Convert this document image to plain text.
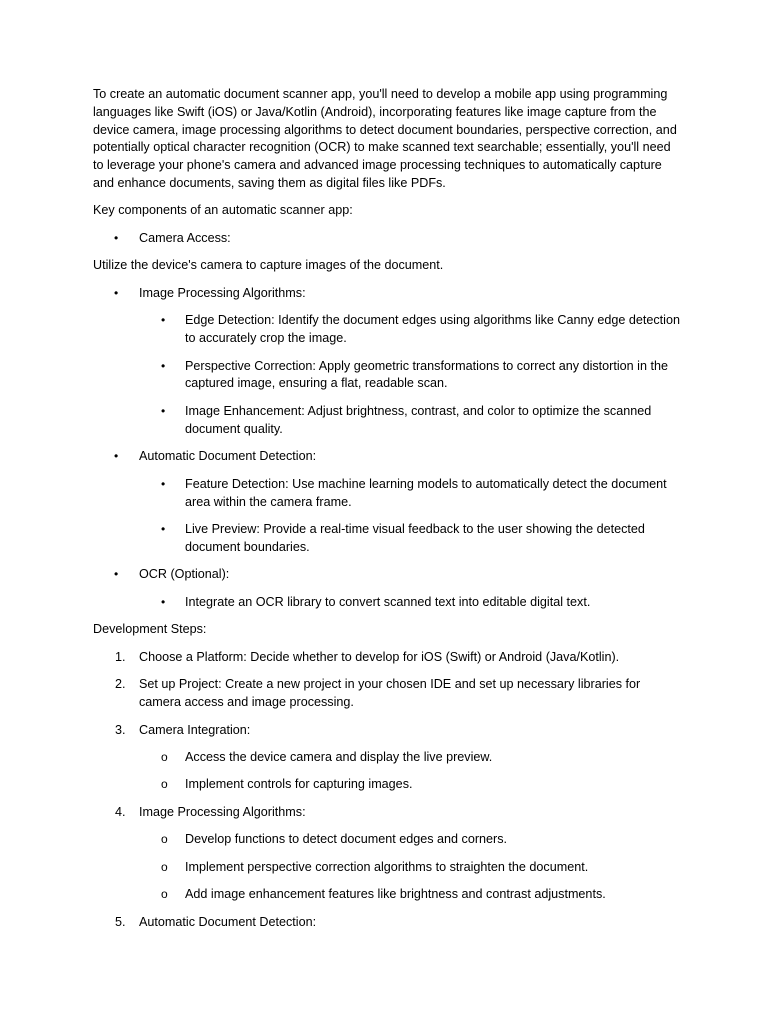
To create an automatic document scanner app, you'll need to develop a mobile app using programming languages like Swift (iOS) or Java/Kotlin (Android), incorporating features like image capture from the device camera, image processing algorithms to detect document boundaries, perspective correction, and potentially optical character recognition (OCR) to make scanned text searchable; essentially, you'll need to leverage your phone's camera and advanced image processing techniques to automatically capture and enhance documents, saving them as digital files like PDFs.

Key components of an automatic scanner app:

• Camera Access:

Utilize the device's camera to capture images of the document.

• Image Processing Algorithms:
• Edge Detection: Identify the document edges using algorithms like Canny edge detection to accurately crop the image.
• Perspective Correction: Apply geometric transformations to correct any distortion in the captured image, ensuring a flat, readable scan.
• Image Enhancement: Adjust brightness, contrast, and color to optimize the scanned document quality.
• Automatic Document Detection:
• Feature Detection: Use machine learning models to automatically detect the document area within the camera frame.
• Live Preview: Provide a real-time visual feedback to the user showing the detected document boundaries.
• OCR (Optional):
• Integrate an OCR library to convert scanned text into editable digital text.

Development Steps:

1. Choose a Platform: Decide whether to develop for iOS (Swift) or Android (Java/Kotlin).
2. Set up Project: Create a new project in your chosen IDE and set up necessary libraries for camera access and image processing.
3. Camera Integration:
o Access the device camera and display the live preview.
o Implement controls for capturing images.
4. Image Processing Algorithms:
o Develop functions to detect document edges and corners.
o Implement perspective correction algorithms to straighten the document.
o Add image enhancement features like brightness and contrast adjustments.
5. Automatic Document Detection:
